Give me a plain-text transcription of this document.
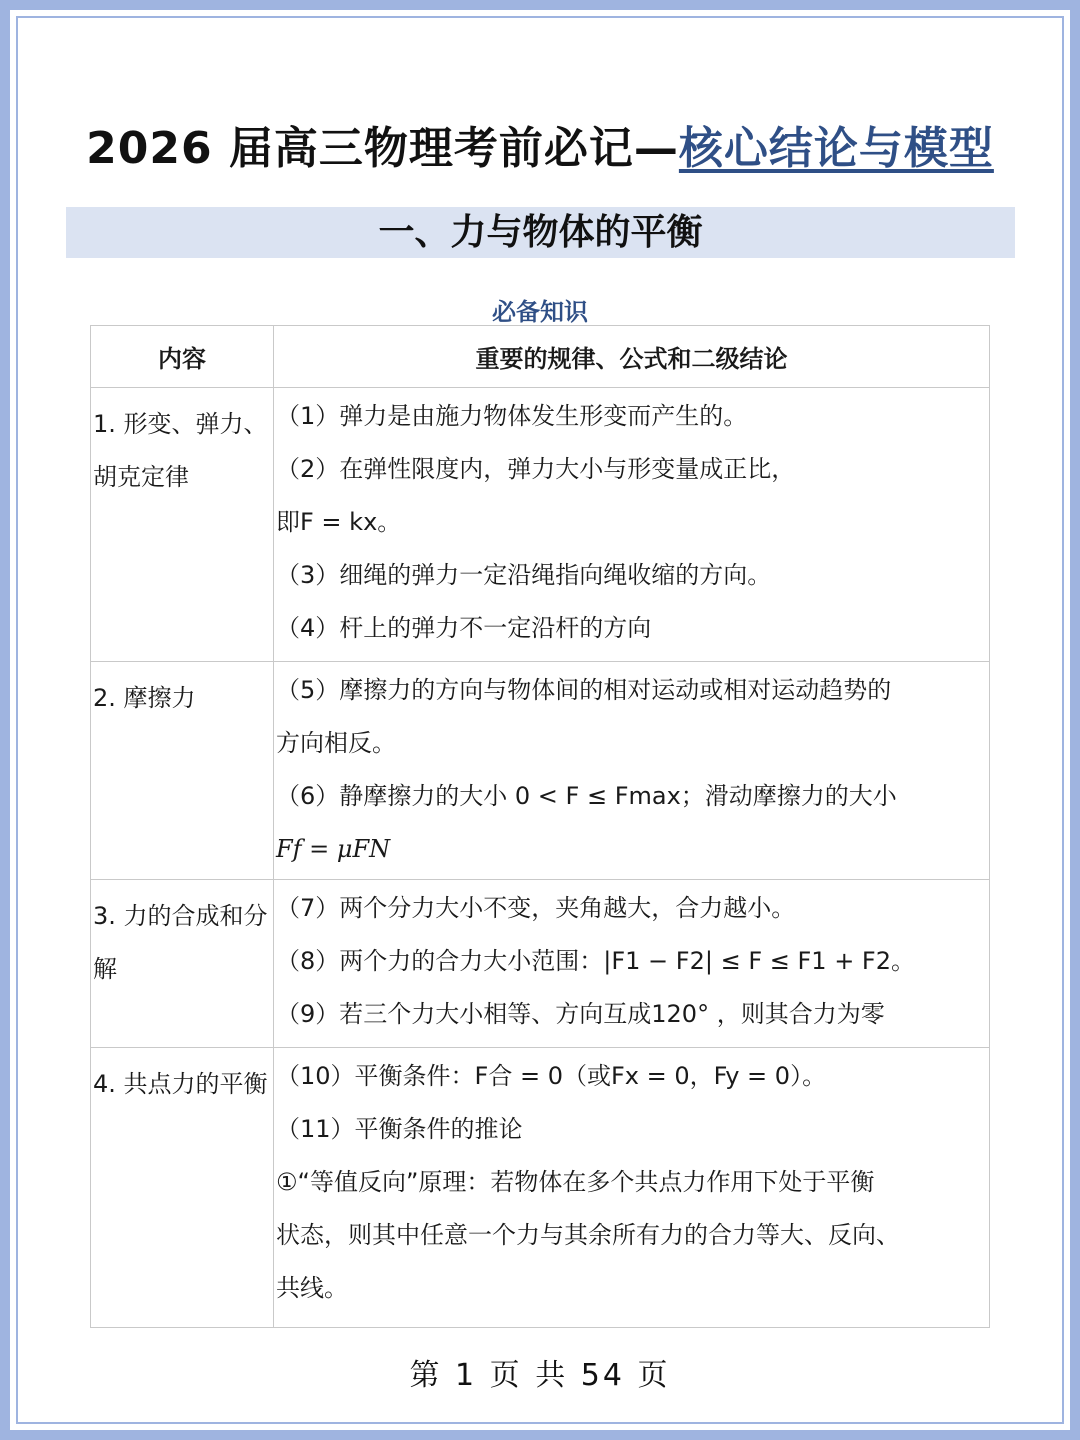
2026 届高三物理考前必记—核心结论与模型
一、力与物体的平衡
必备知识
内容	重要的规律、公式和二级结论
1. 形变、弹力、胡克定律	（1）弹力是由施力物体发生形变而产生的。
（2）在弹性限度内，弹力大小与形变量成正比，
即F = kx。
（3）细绳的弹力一定沿绳指向绳收缩的方向。
（4）杆上的弹力不一定沿杆的方向

2. 摩擦力	（5）摩擦力的方向与物体间的相对运动或相对运动趋势的
方向相反。
（6）静摩擦力的大小 0 < F ≤ Fmax；滑动摩擦力的大小
Ff = μFN

3. 力的合成和分解	（7）两个分力大小不变，夹角越大，合力越小。
（8）两个力的合力大小范围：|F1 − F2| ≤ F ≤ F1 + F2。
（9）若三个力大小相等、方向互成120° ，则其合力为零

4. 共点力的平衡	（10）平衡条件：F合 = 0（或Fx = 0，Fy = 0）。
（11）平衡条件的推论
①“等值反向”原理：若物体在多个共点力作用下处于平衡
状态，则其中任意一个力与其余所有力的合力等大、反向、
共线。
第 1 页 共 54 页
